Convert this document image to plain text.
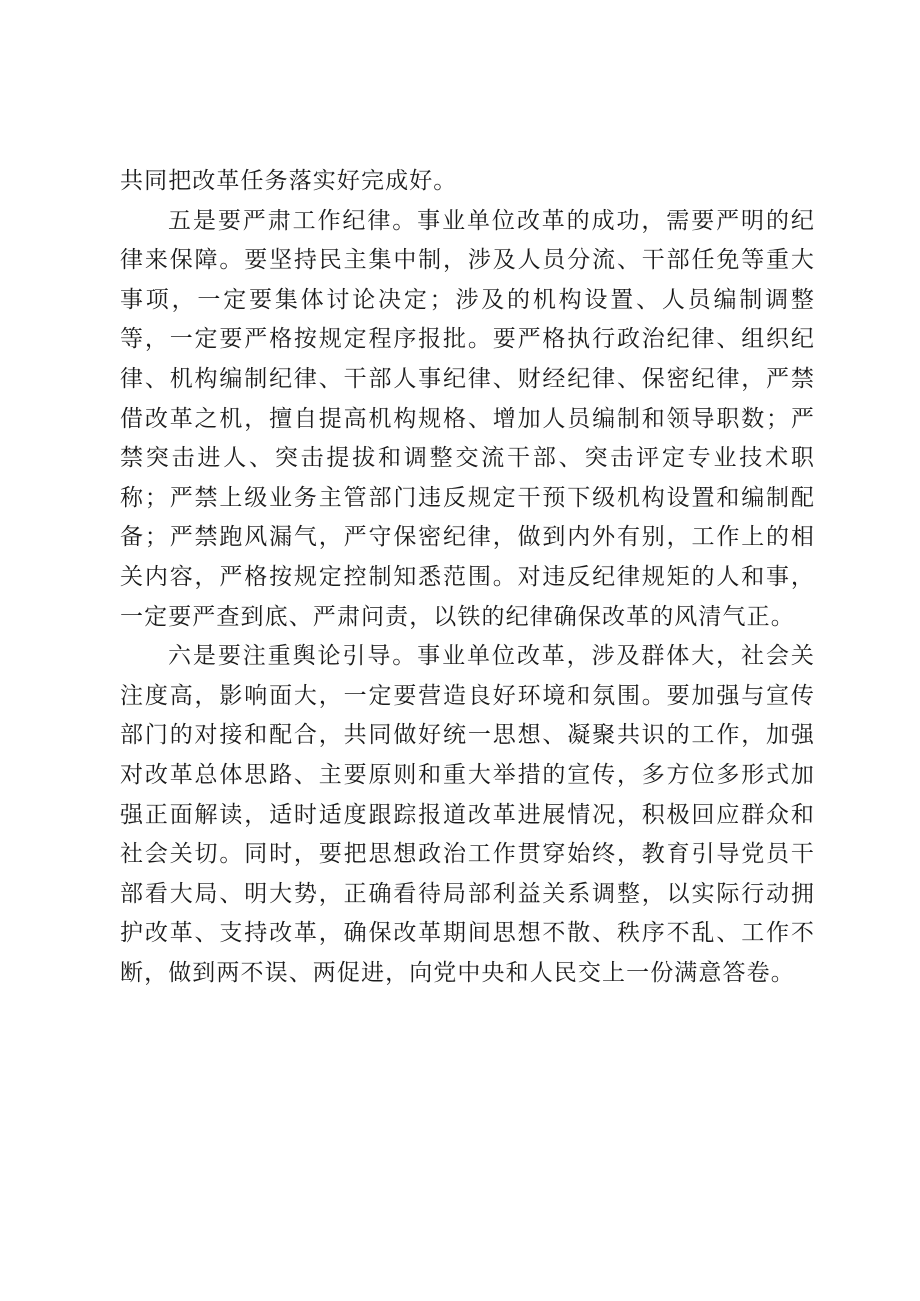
共同把改革任务落实好完成好。

五是要严肃工作纪律。事业单位改革的成功，需要严明的纪律来保障。要坚持民主集中制，涉及人员分流、干部任免等重大事项，一定要集体讨论决定；涉及的机构设置、人员编制调整等，一定要严格按规定程序报批。要严格执行政治纪律、组织纪律、机构编制纪律、干部人事纪律、财经纪律、保密纪律，严禁借改革之机，擅自提高机构规格、增加人员编制和领导职数；严禁突击进人、突击提拔和调整交流干部、突击评定专业技术职称；严禁上级业务主管部门违反规定干预下级机构设置和编制配备；严禁跑风漏气，严守保密纪律，做到内外有别，工作上的相关内容，严格按规定控制知悉范围。对违反纪律规矩的人和事，一定要严查到底、严肃问责，以铁的纪律确保改革的风清气正。

六是要注重舆论引导。事业单位改革，涉及群体大，社会关注度高，影响面大，一定要营造良好环境和氛围。要加强与宣传部门的对接和配合，共同做好统一思想、凝聚共识的工作，加强对改革总体思路、主要原则和重大举措的宣传，多方位多形式加强正面解读，适时适度跟踪报道改革进展情况，积极回应群众和社会关切。同时，要把思想政治工作贯穿始终，教育引导党员干部看大局、明大势，正确看待局部利益关系调整，以实际行动拥护改革、支持改革，确保改革期间思想不散、秩序不乱、工作不断，做到两不误、两促进，向党中央和人民交上一份满意答卷。
